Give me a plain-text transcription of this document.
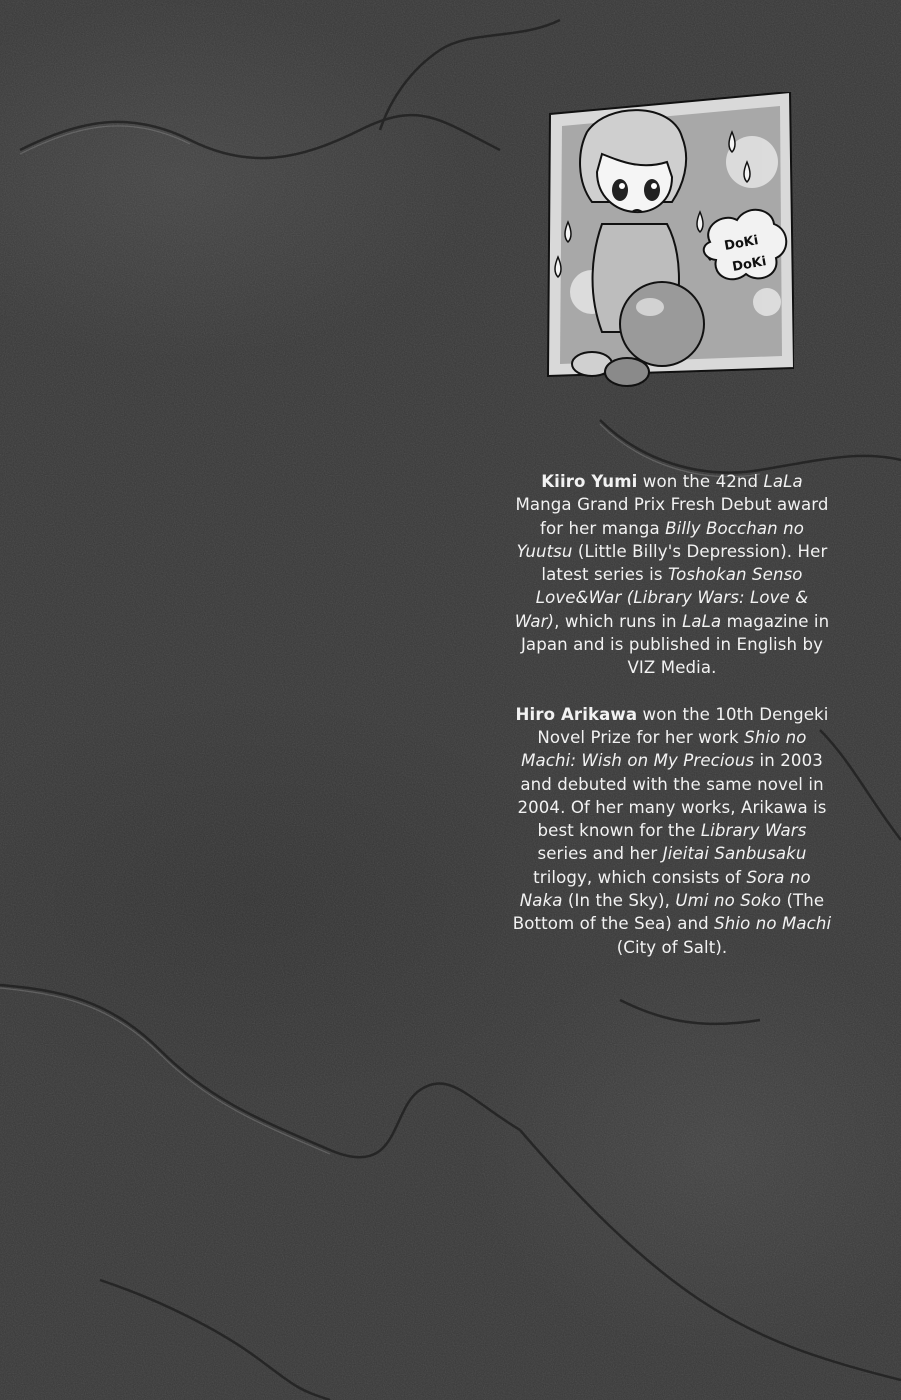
DoKi
DoKi

Kiiro Yumi won the 42nd LaLa Manga Grand Prix Fresh Debut award for her manga Billy Bocchan no Yuutsu (Little Billy's Depression). Her latest series is Toshokan Senso Love&War (Library Wars: Love & War), which runs in LaLa magazine in Japan and is published in English by VIZ Media.

Hiro Arikawa won the 10th Dengeki Novel Prize for her work Shio no Machi: Wish on My Precious in 2003 and debuted with the same novel in 2004. Of her many works, Arikawa is best known for the Library Wars series and her Jieitai Sanbusaku trilogy, which consists of Sora no Naka (In the Sky), Umi no Soko (The Bottom of the Sea) and Shio no Machi (City of Salt).
